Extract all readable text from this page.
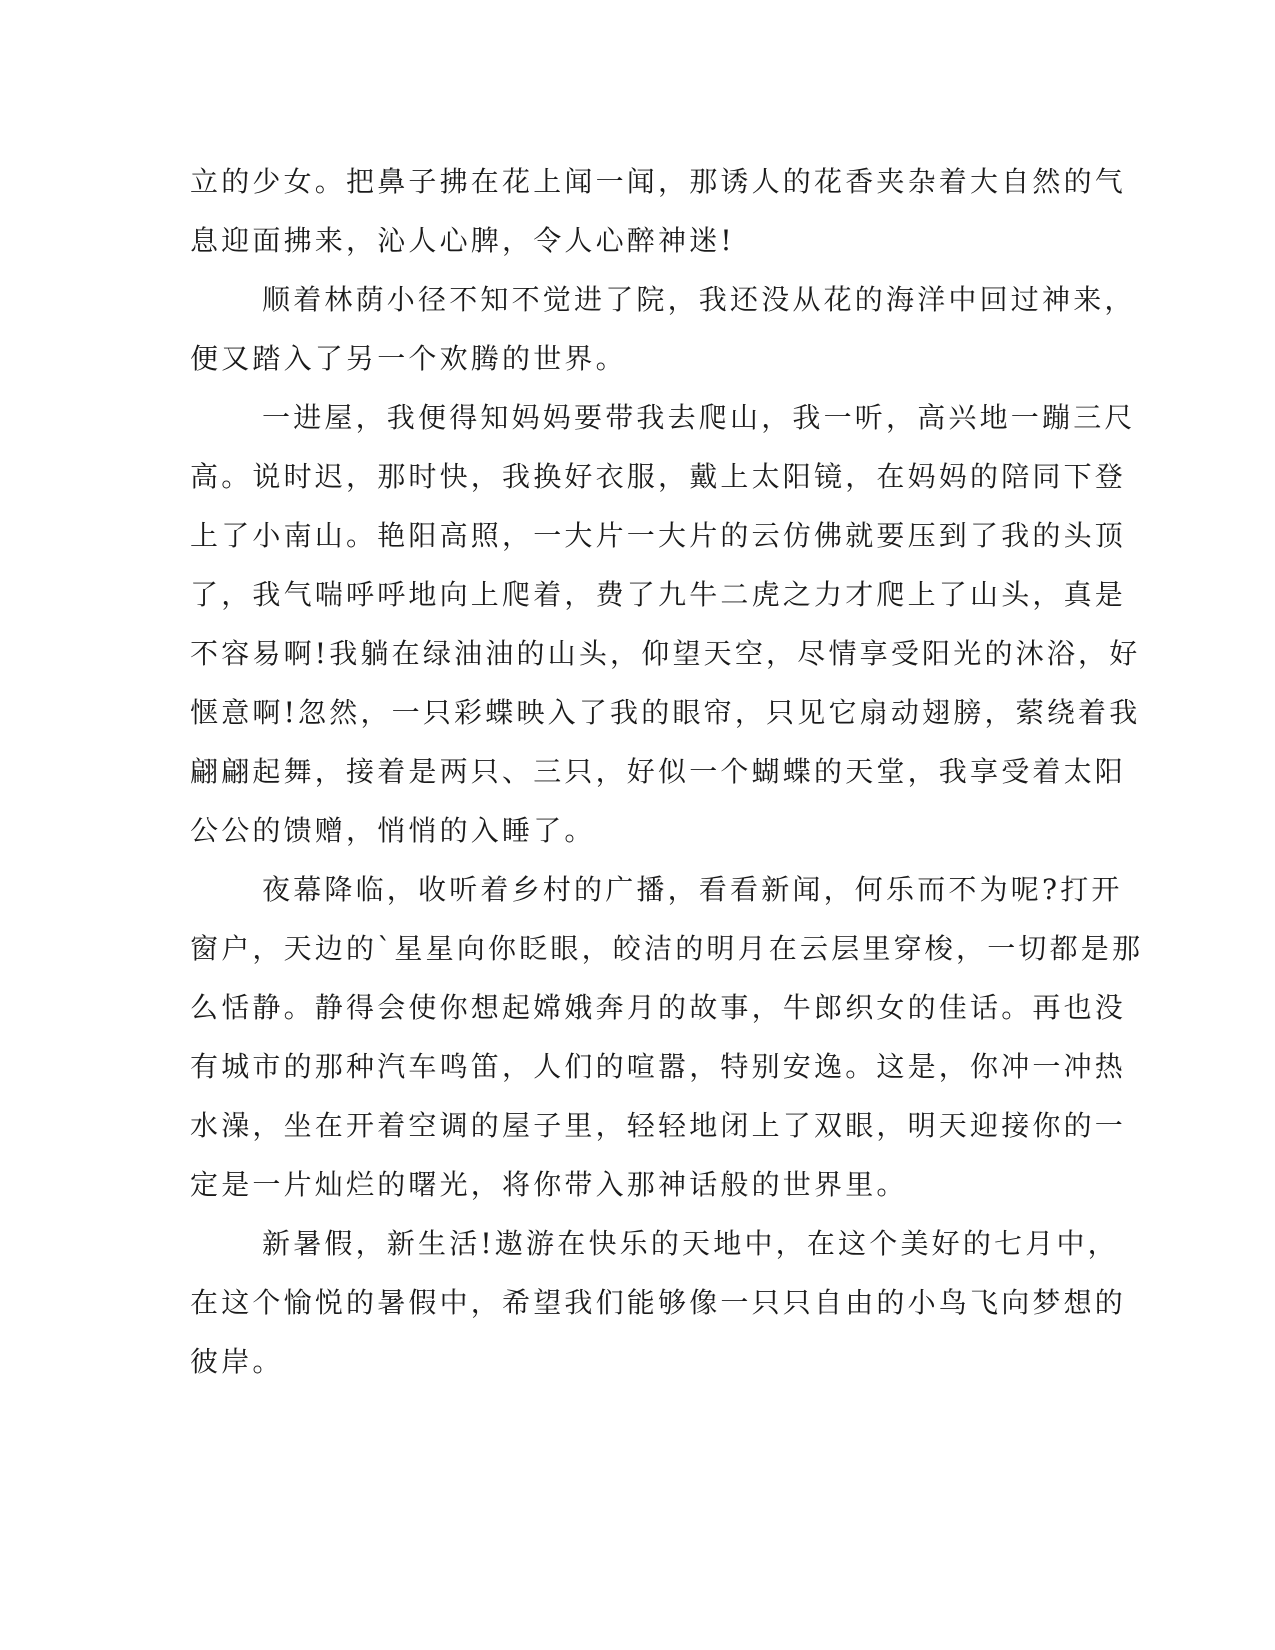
立的少女。把鼻子拂在花上闻一闻，那诱人的花香夹杂着大自然的气
息迎面拂来，沁人心脾，令人心醉神迷!
顺着林荫小径不知不觉进了院，我还没从花的海洋中回过神来，
便又踏入了另一个欢腾的世界。
一进屋，我便得知妈妈要带我去爬山，我一听，高兴地一蹦三尺
高。说时迟，那时快，我换好衣服，戴上太阳镜，在妈妈的陪同下登
上了小南山。艳阳高照，一大片一大片的云仿佛就要压到了我的头顶
了，我气喘呼呼地向上爬着，费了九牛二虎之力才爬上了山头，真是
不容易啊!我躺在绿油油的山头，仰望天空，尽情享受阳光的沐浴，好
惬意啊!忽然，一只彩蝶映入了我的眼帘，只见它扇动翅膀，萦绕着我
翩翩起舞，接着是两只、三只，好似一个蝴蝶的天堂，我享受着太阳
公公的馈赠，悄悄的入睡了。
夜幕降临，收听着乡村的广播，看看新闻，何乐而不为呢?打开
窗户，天边的`星星向你眨眼，皎洁的明月在云层里穿梭，一切都是那
么恬静。静得会使你想起嫦娥奔月的故事，牛郎织女的佳话。再也没
有城市的那种汽车鸣笛，人们的喧嚣，特别安逸。这是，你冲一冲热
水澡，坐在开着空调的屋子里，轻轻地闭上了双眼，明天迎接你的一
定是一片灿烂的曙光，将你带入那神话般的世界里。
新暑假，新生活!遨游在快乐的天地中，在这个美好的七月中，
在这个愉悦的暑假中，希望我们能够像一只只自由的小鸟飞向梦想的
彼岸。
